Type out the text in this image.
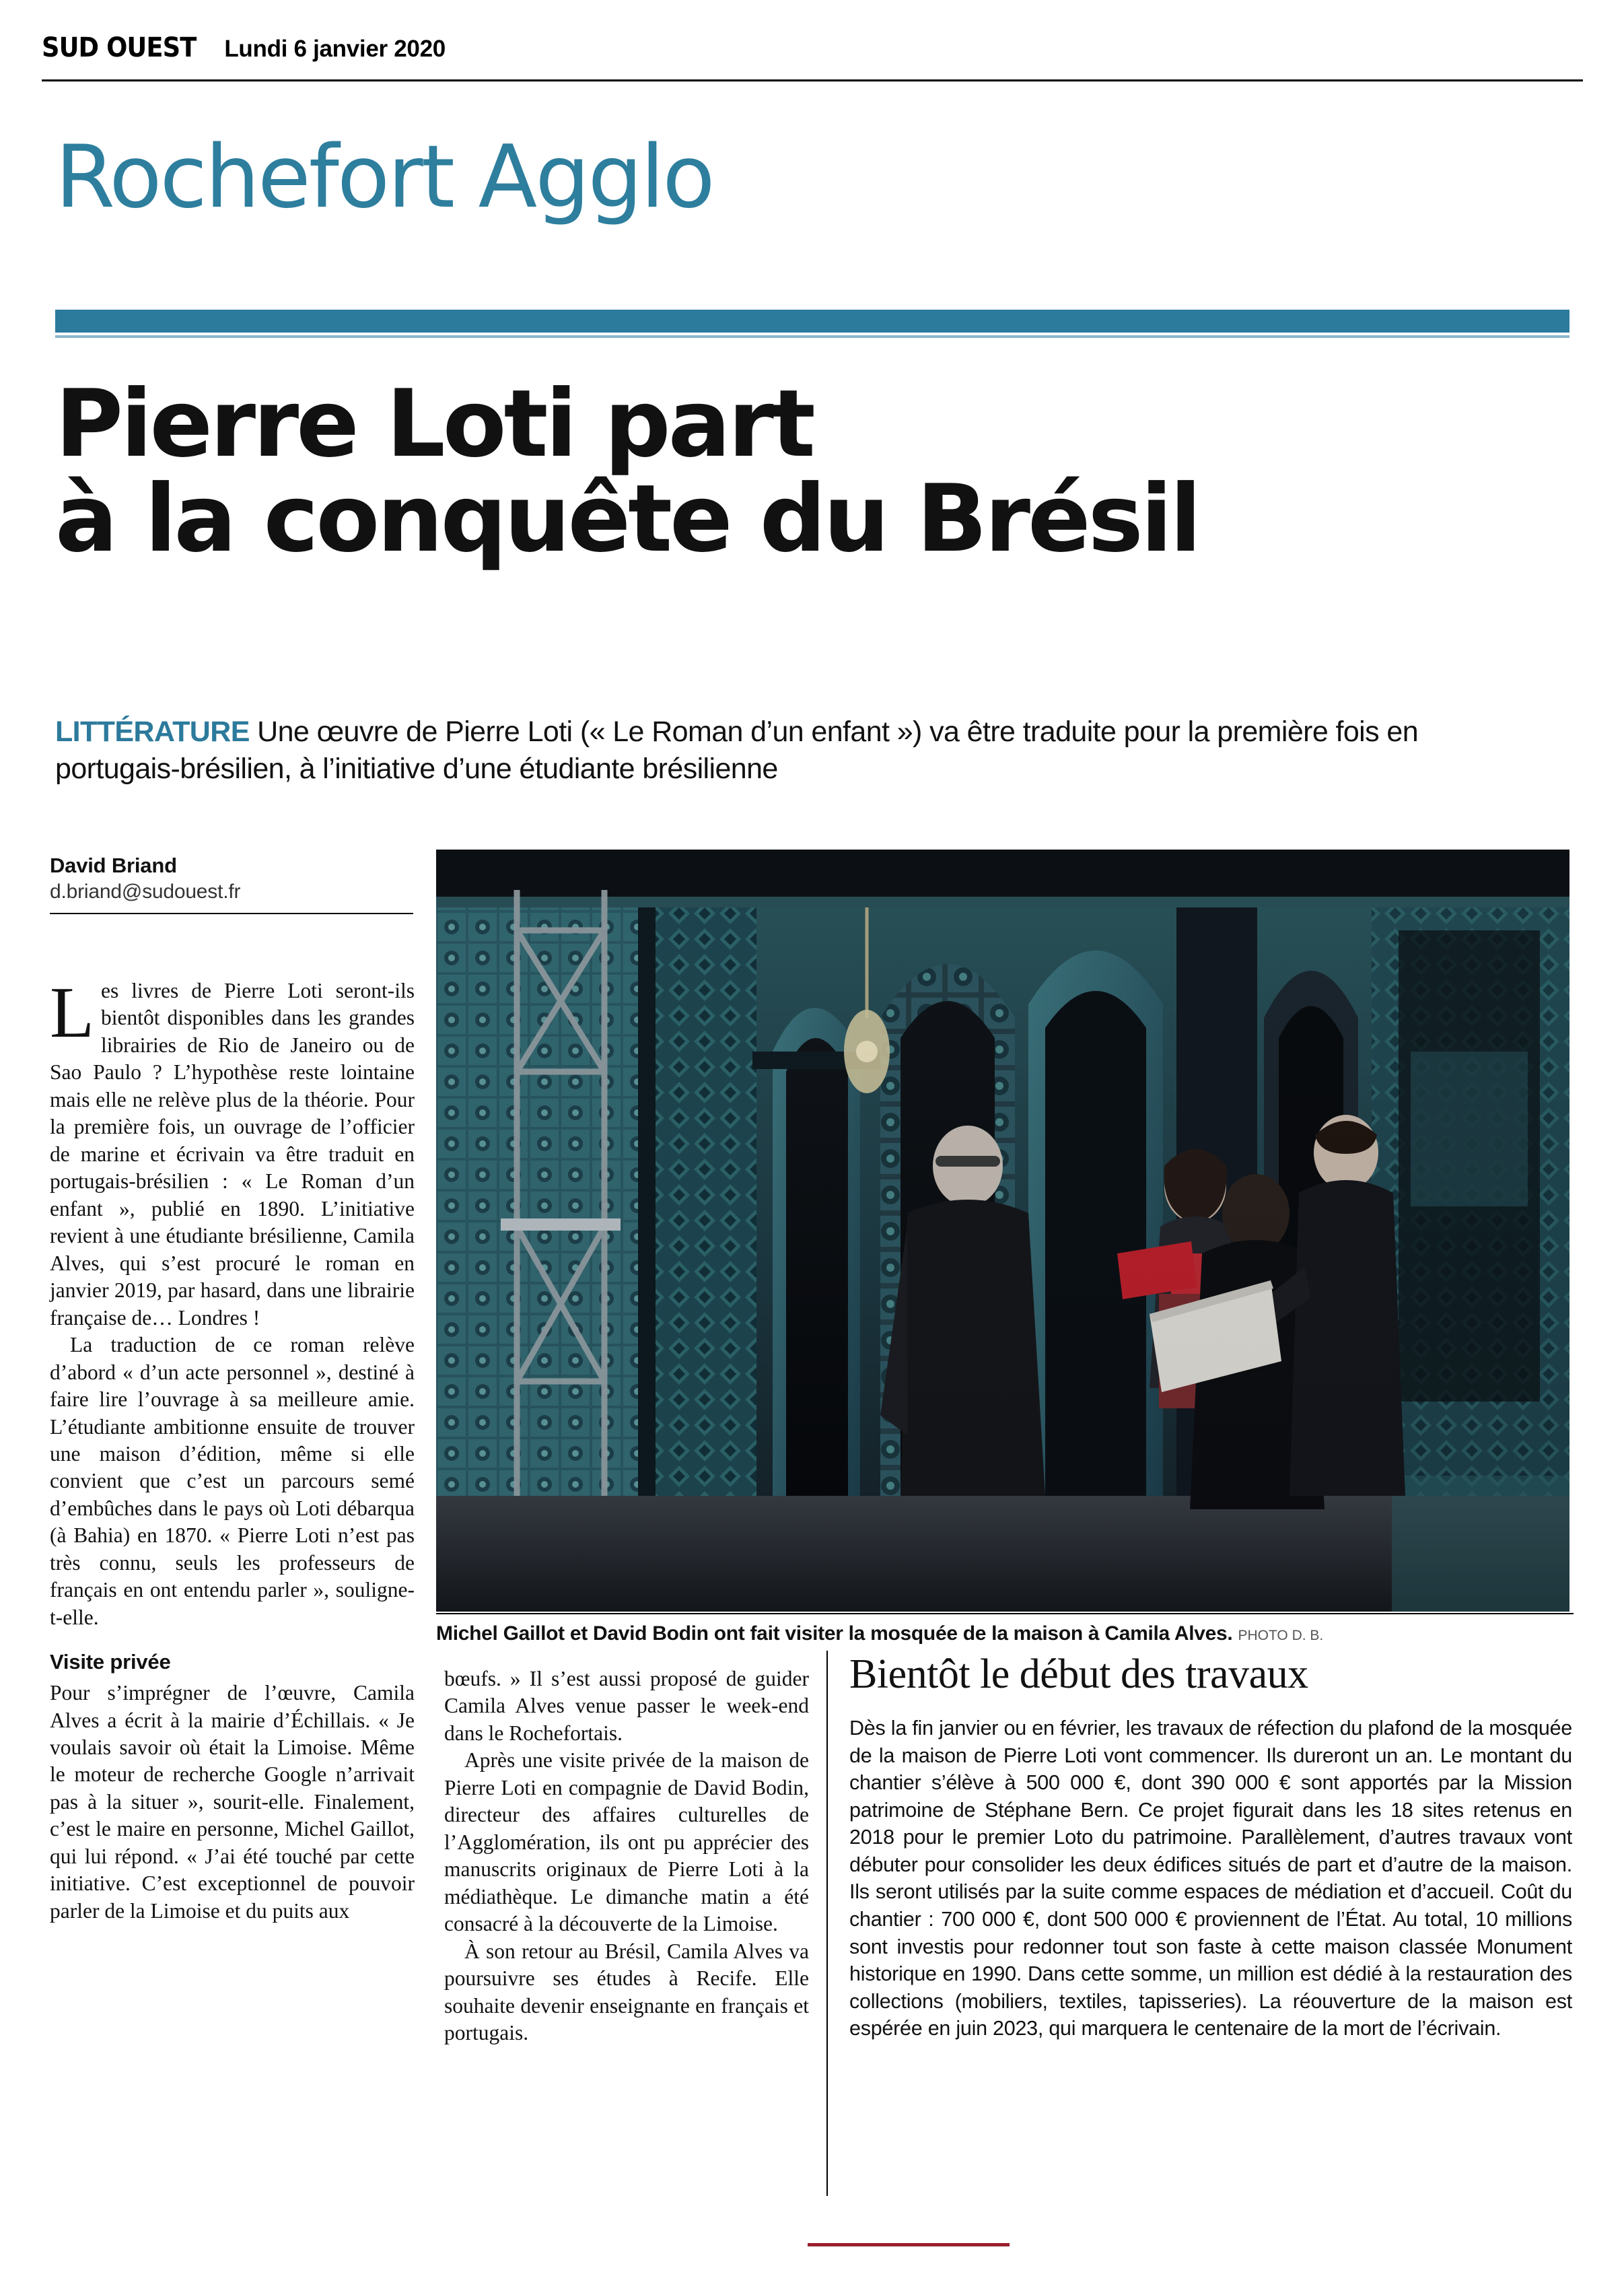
SUD OUEST Lundi 6 janvier 2020
Rochefort Agglo
Pierre Loti part
à la conquête du Brésil
LITTÉRATURE Une œuvre de Pierre Loti (« Le Roman d’un enfant ») va être traduite pour la première fois en portugais-brésilien, à l’initiative d’une étudiante brésilienne
David Briand
d.briand@sudouest.fr
Michel Gaillot et David Bodin ont fait visiter la mosquée de la maison à Camila Alves. PHOTO D. B.

Les livres de Pierre Loti seront-ils bientôt disponibles dans les grandes librairies de Rio de Janeiro ou de Sao Paulo ? L’hypothèse reste lointaine mais elle ne relève plus de la théorie. Pour la première fois, un ouvrage de l’officier de marine et écrivain va être traduit en portugais-brésilien : « Le Roman d’un enfant », publié en 1890. L’initiative revient à une étudiante brésilienne, Camila Alves, qui s’est procuré le roman en janvier 2019, par hasard, dans une librairie française de… Londres !

La traduction de ce roman relève d’abord « d’un acte personnel », destiné à faire lire l’ouvrage à sa meilleure amie. L’étudiante ambitionne ensuite de trouver une maison d’édition, même si elle convient que c’est un parcours semé d’embûches dans le pays où Loti débarqua (à Bahia) en 1870. « Pierre Loti n’est pas très connu, seuls les professeurs de français en ont entendu parler », souligne-t-elle.

Visite privée

Pour s’imprégner de l’œuvre, Camila Alves a écrit à la mairie d’Échillais. « Je voulais savoir où était la Limoise. Même le moteur de recherche Google n’arrivait pas à la situer », sourit-elle. Finalement, c’est le maire en personne, Michel Gaillot, qui lui répond. « J’ai été touché par cette initiative. C’est exceptionnel de pouvoir parler de la Limoise et du puits aux

bœufs. » Il s’est aussi proposé de guider Camila Alves venue passer le week-end dans le Rochefortais.

Après une visite privée de la maison de Pierre Loti en compagnie de David Bodin, directeur des affaires culturelles de l’Agglomération, ils ont pu apprécier des manuscrits originaux de Pierre Loti à la médiathèque. Le dimanche matin a été consacré à la découverte de la Limoise.

À son retour au Brésil, Camila Alves va poursuivre ses études à Recife. Elle souhaite devenir enseignante en français et portugais.

Bientôt le début des travaux
Dès la fin janvier ou en février, les travaux de réfection du plafond de la mosquée de la maison de Pierre Loti vont commencer. Ils dureront un an. Le montant du chantier s’élève à 500 000 €, dont 390 000 € sont apportés par la Mission patrimoine de Stéphane Bern. Ce projet figurait dans les 18 sites retenus en 2018 pour le premier Loto du patrimoine. Parallèlement, d’autres travaux vont débuter pour consolider les deux édifices situés de part et d’autre de la maison. Ils seront utilisés par la suite comme espaces de médiation et d’accueil. Coût du chantier : 700 000 €, dont 500 000 € proviennent de l’État. Au total, 10 millions sont investis pour redonner tout son faste à cette maison classée Monument historique en 1990. Dans cette somme, un million est dédié à la restauration des collections (mobiliers, textiles, tapisseries). La réouverture de la maison est espérée en juin 2023, qui marquera le centenaire de la mort de l’écrivain.
